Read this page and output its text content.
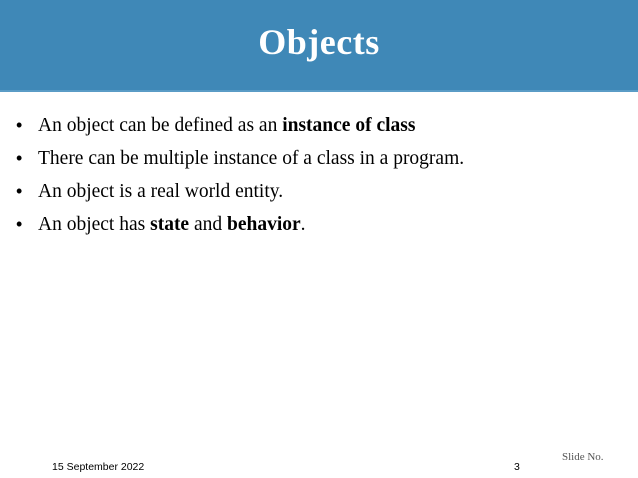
Objects
• An object can be defined as an instance of class
• There can be multiple instance of a class in a program.
• An object is a real world entity.
• An object has state and behavior.
Slide No.
15 September 2022	3
